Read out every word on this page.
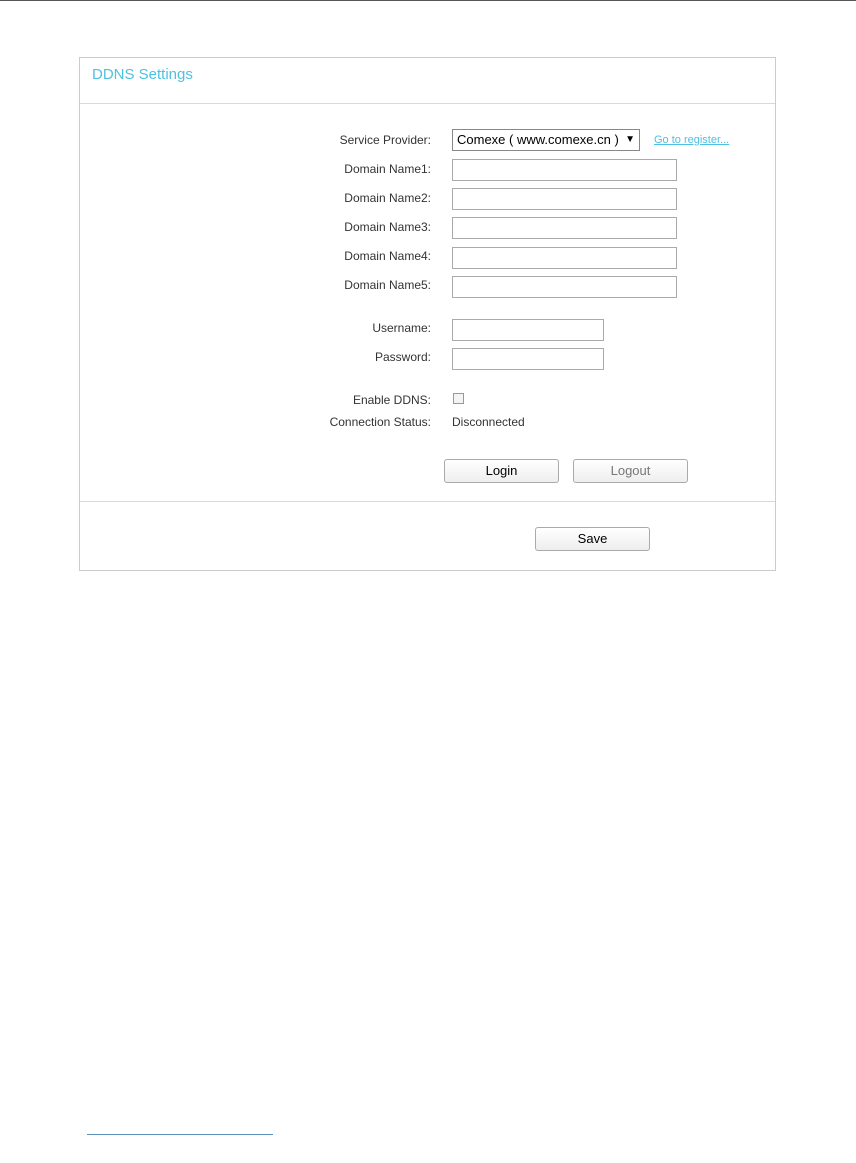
DDNS Settings
Service Provider:	Comexe ( www.comexe.cn ) ▼ Go to register...
Domain Name1:
Domain Name2:
Domain Name3:
Domain Name4:
Domain Name5:
Username:
Password:
Enable DDNS:
Connection Status: Disconnected
Login	Logout
Save
